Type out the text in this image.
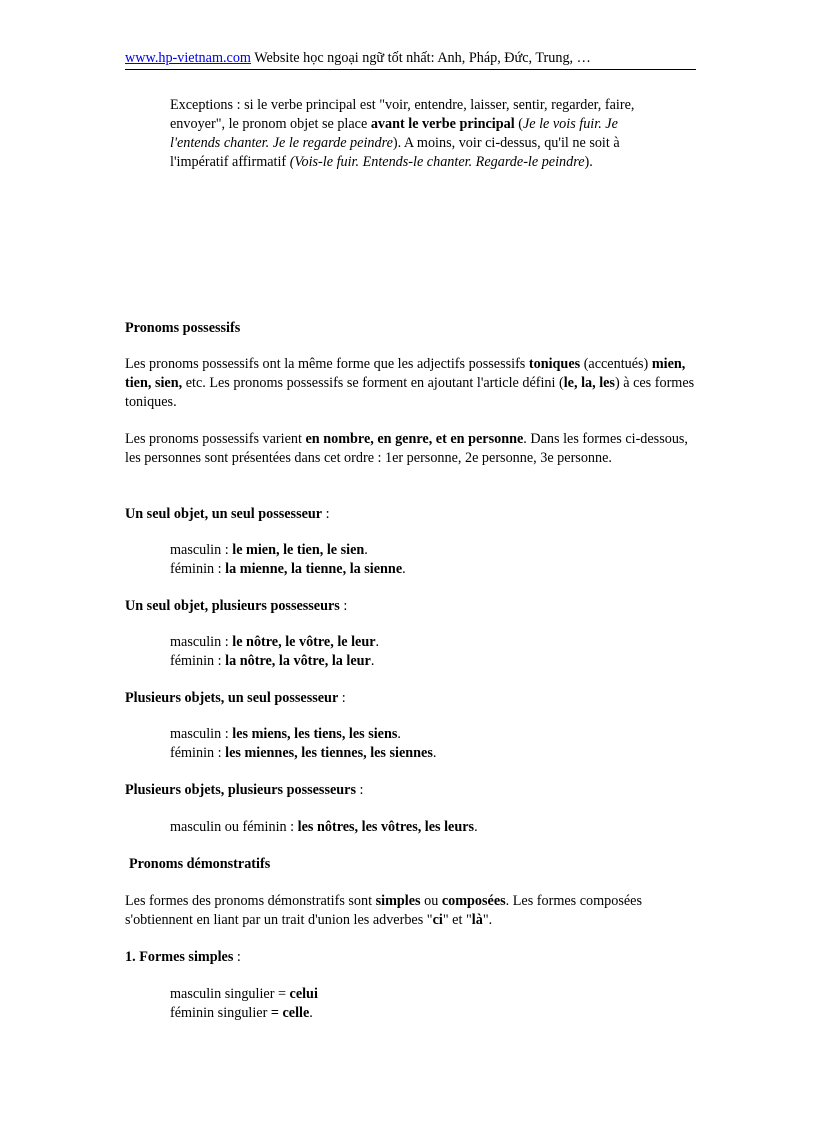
www.hp-vietnam.com Website học ngoại ngữ tốt nhất: Anh, Pháp, Đức, Trung, …

Exceptions : si le verbe principal est "voir, entendre, laisser, sentir, regarder, faire, envoyer", le pronom objet se place avant le verbe principal (Je le vois fuir. Je l'entends chanter. Je le regarde peindre). A moins, voir ci-dessus, qu'il ne soit à l'impératif affirmatif (Vois-le fuir. Entends-le chanter. Regarde-le peindre).

Pronoms possessifs

Les pronoms possessifs ont la même forme que les adjectifs possessifs toniques (accentués) mien, tien, sien, etc. Les pronoms possessifs se forment en ajoutant l'article défini (le, la, les) à ces formes toniques.

Les pronoms possessifs varient en nombre, en genre, et en personne. Dans les formes ci-dessous, les personnes sont présentées dans cet ordre : 1er personne, 2e personne, 3e personne.

Un seul objet, un seul possesseur :

masculin : le mien, le tien, le sien.

féminin : la mienne, la tienne, la sienne.

Un seul objet, plusieurs possesseurs :

masculin : le nôtre, le vôtre, le leur.

féminin : la nôtre, la vôtre, la leur.

Plusieurs objets, un seul possesseur :

masculin : les miens, les tiens, les siens.

féminin : les miennes, les tiennes, les siennes.

Plusieurs objets, plusieurs possesseurs :

masculin ou féminin : les nôtres, les vôtres, les leurs.

Pronoms démonstratifs

Les formes des pronoms démonstratifs sont simples ou composées. Les formes composées s'obtiennent en liant par un trait d'union les adverbes "ci" et "là".

1. Formes simples :

masculin singulier = celui

féminin singulier = celle.
